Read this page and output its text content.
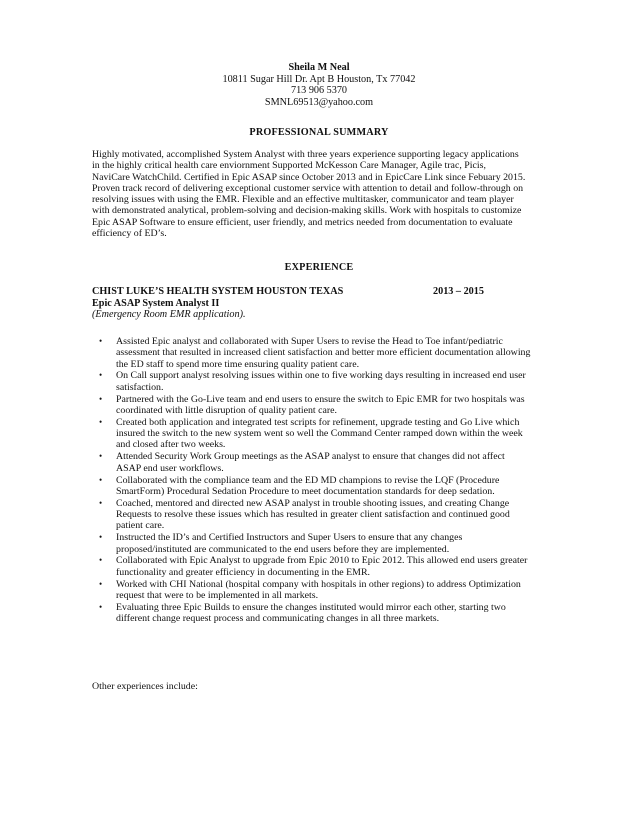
Sheila M Neal
10811 Sugar Hill Dr. Apt B Houston, Tx 77042
713 906 5370
SMNL69513@yahoo.com
PROFESSIONAL SUMMARY
Highly motivated, accomplished System Analyst with three years experience supporting legacy applications
in the highly critical health care enviornment Supported McKesson Care Manager, Agile trac, Picis,
NaviCare WatchChild. Certified in Epic ASAP since October 2013 and in EpicCare Link since Febuary 2015.
Proven track record of delivering exceptional customer service with attention to detail and follow-through on
resolving issues with using the EMR. Flexible and an effective multitasker, communicator and team player
with demonstrated analytical, problem-solving and decision-making skills. Work with hospitals to customize
Epic ASAP Software to ensure efficient, user friendly, and metrics needed from documentation to evaluate
efficiency of ED’s.
EXPERIENCE
CHIST LUKE’S HEALTH SYSTEM HOUSTON TEXAS	2013 – 2015
Epic ASAP System Analyst II
(Emergency Room EMR application).
• Assisted Epic analyst and collaborated with Super Users to revise the Head to Toe infant/pediatric
assessment that resulted in increased client satisfaction and better more efficient documentation allowing
the ED staff to spend more time ensuring quality patient care.
• On Call support analyst resolving issues within one to five working days resulting in increased end user
satisfaction.
• Partnered with the Go-Live team and end users to ensure the switch to Epic EMR for two hospitals was
coordinated with little disruption of quality patient care.
• Created both application and integrated test scripts for refinement, upgrade testing and Go Live which
insured the switch to the new system went so well the Command Center ramped down within the week
and closed after two weeks.
• Attended Security Work Group meetings as the ASAP analyst to ensure that changes did not affect
ASAP end user workflows.
• Collaborated with the compliance team and the ED MD champions to revise the LQF (Procedure
SmartForm) Procedural Sedation Procedure to meet documentation standards for deep sedation.
• Coached, mentored and directed new ASAP analyst in trouble shooting issues, and creating Change
Requests to resolve these issues which has resulted in greater client satisfaction and continued good
patient care.
• Instructed the ID’s and Certified Instructors and Super Users to ensure that any changes
proposed/instituted are communicated to the end users before they are implemented.
• Collaborated with Epic Analyst to upgrade from Epic 2010 to Epic 2012. This allowed end users greater
functionality and greater efficiency in documenting in the EMR.
• Worked with CHI National (hospital company with hospitals in other regions) to address Optimization
request that were to be implemented in all markets.
• Evaluating three Epic Builds to ensure the changes instituted would mirror each other, starting two
different change request process and communicating changes in all three markets.
Other experiences include:
